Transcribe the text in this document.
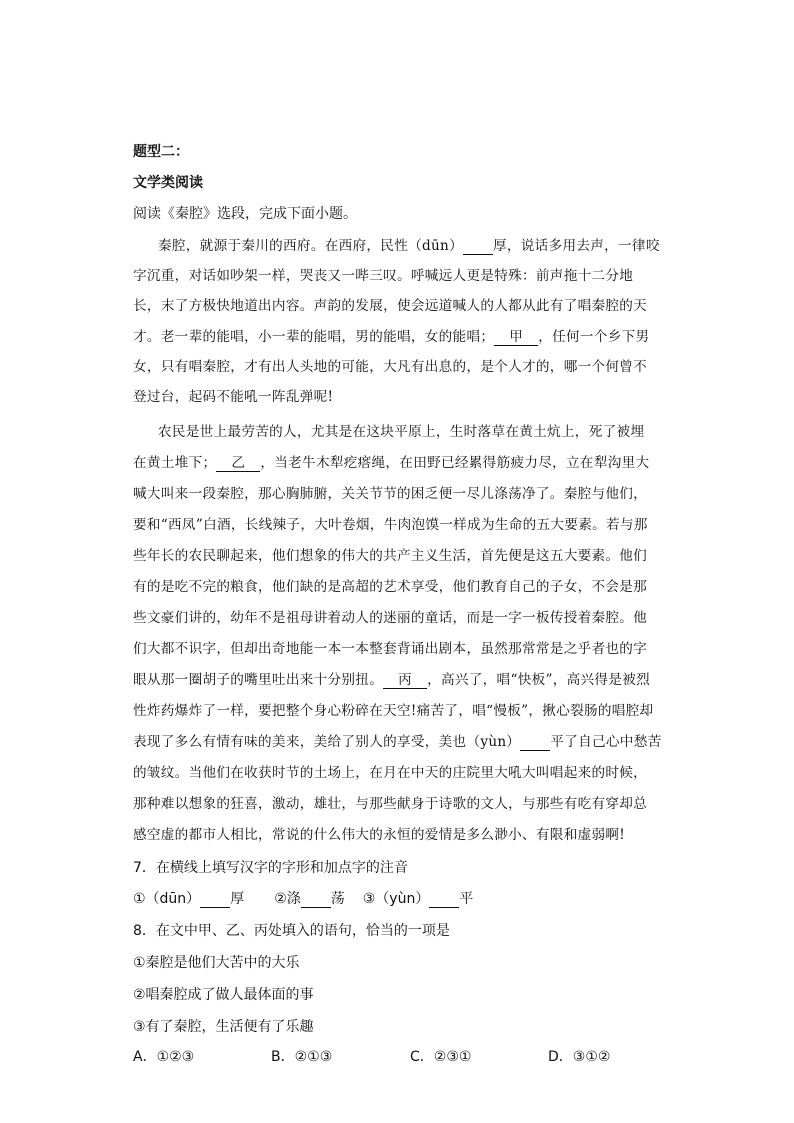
题型二：
文学类阅读
阅读《秦腔》选段，完成下面小题。
秦腔，就源于秦川的西府。在西府，民性（dūn） 厚，说话多用去声，一律咬
字沉重，对话如吵架一样，哭丧又一哔三叹。呼喊远人更是特殊：前声拖十二分地
长，末了方极快地道出内容。声韵的发展，使会远道喊人的人都从此有了唱秦腔的天
才。老一辈的能唱，小一辈的能唱，男的能唱，女的能唱； 甲 ，任何一个乡下男
女，只有唱秦腔，才有出人头地的可能，大凡有出息的，是个人才的，哪一个何曾不
登过台，起码不能吼一阵乱弹呢!
农民是世上最劳苦的人，尤其是在这块平原上，生时落草在黄土炕上，死了被埋
在黄土堆下； 乙 ，当老牛木犁疙瘩绳，在田野已经累得筋疲力尽，立在犁沟里大
喊大叫来一段秦腔，那心胸肺腑，关关节节的困乏便一尽儿涤荡净了。秦腔与他们，
要和“西凤”白酒，长线辣子，大叶卷烟，牛肉泡馍一样成为生命的五大要素。若与那
些年长的农民聊起来，他们想象的伟大的共产主义生活，首先便是这五大要素。他们
有的是吃不完的粮食，他们缺的是高超的艺术享受，他们教育自己的子女，不会是那
些文豪们讲的，幼年不是祖母讲着动人的迷丽的童话，而是一字一板传授着秦腔。他
们大都不识字，但却出奇地能一本一本整套背诵出剧本，虽然那常常是之乎者也的字
眼从那一圈胡子的嘴里吐出来十分别扭。 丙 ，高兴了，唱“快板”，高兴得是被烈
性炸药爆炸了一样，要把整个身心粉碎在天空!痛苦了，唱“慢板”，揪心裂肠的唱腔却
表现了多么有情有味的美来，美给了别人的享受，美也（yùn） 平了自己心中愁苦
的皱纹。当他们在收获时节的土场上，在月在中天的庄院里大吼大叫唱起来的时候，
那种难以想象的狂喜，激动，雄壮，与那些献身于诗歌的文人，与那些有吃有穿却总
感空虚的都市人相比，常说的什么伟大的永恒的爱情是多么渺小、有限和虚弱啊!
7．在横线上填写汉字的字形和加点字的注音
①（dūn） 厚 ②涤 荡 ③（yùn） 平
8．在文中甲、乙、丙处填入的语句，恰当的一项是
①秦腔是他们大苦中的大乐
②唱秦腔成了做人最体面的事
③有了秦腔，生活便有了乐趣
A．①②③	B．②①③	C．②③①	D．③①②
